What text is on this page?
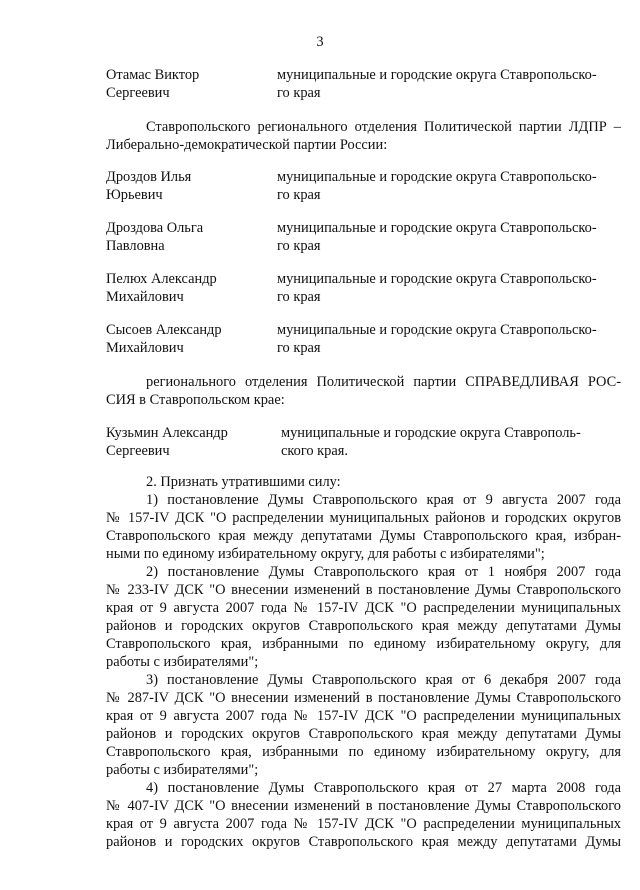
3
Отамас Виктор
Сергеевич
муниципальные и городские округа Ставропольско-
го края
Ставропольского регионального отделения Политической партии ЛДПР –
Либерально-демократической партии России:
Дроздов Илья
Юрьевич
муниципальные и городские округа Ставропольско-
го края
Дроздова Ольга
Павловна
муниципальные и городские округа Ставропольско-
го края
Пелюх Александр
Михайлович
муниципальные и городские округа Ставропольско-
го края
Сысоев Александр
Михайлович
муниципальные и городские округа Ставропольско-
го края
регионального отделения Политической партии СПРАВЕДЛИВАЯ РОС-
СИЯ в Ставропольском крае:
Кузьмин Александр
Сергеевич
муниципальные и городские округа Ставрополь-
ского края.
2. Признать утратившими силу:
1) постановление Думы Ставропольского края от 9 августа 2007 года
№ 157-IV ДСК "О распределении муниципальных районов и городских округов
Ставропольского края между депутатами Думы Ставропольского края, избран-
ными по единому избирательному округу, для работы с избирателями";
2) постановление Думы Ставропольского края от 1 ноября 2007 года
№ 233-IV ДСК "О внесении изменений в постановление Думы Ставропольского
края от 9 августа 2007 года № 157-IV ДСК "О распределении муниципальных
районов и городских округов Ставропольского края между депутатами Думы
Ставропольского края, избранными по единому избирательному округу, для
работы с избирателями";
3) постановление Думы Ставропольского края от 6 декабря 2007 года
№ 287-IV ДСК "О внесении изменений в постановление Думы Ставропольского
края от 9 августа 2007 года № 157-IV ДСК "О распределении муниципальных
районов и городских округов Ставропольского края между депутатами Думы
Ставропольского края, избранными по единому избирательному округу, для
работы с избирателями";
4) постановление Думы Ставропольского края от 27 марта 2008 года
№ 407-IV ДСК "О внесении изменений в постановление Думы Ставропольского
края от 9 августа 2007 года № 157-IV ДСК "О распределении муниципальных
районов и городских округов Ставропольского края между депутатами Думы
